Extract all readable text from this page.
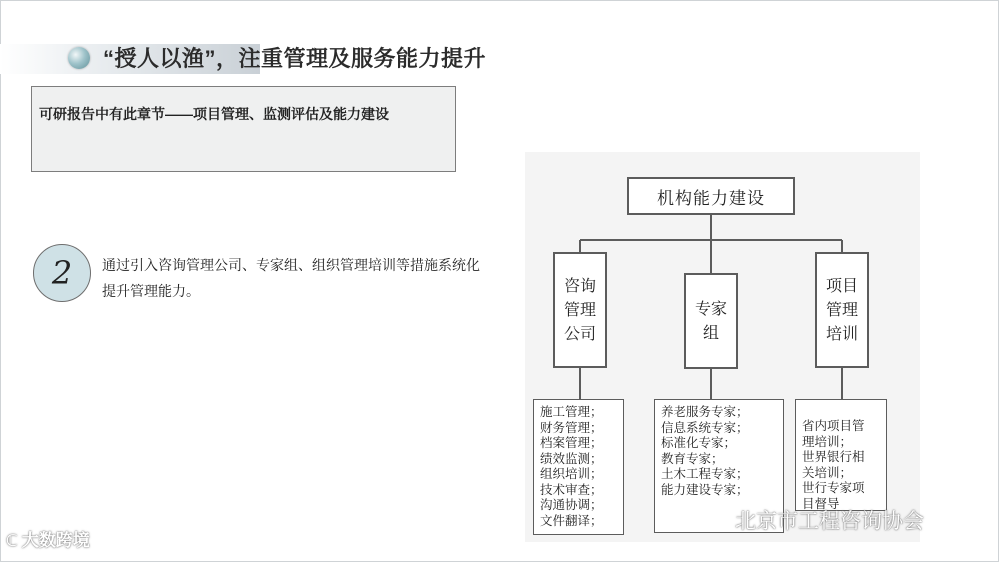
“授人以渔”，注重管理及服务能力提升
可研报告中有此章节——项目管理、监测评估及能力建设
2	通过引入咨询管理公司、专家组、组织管理培训等措施系统化提升管理能力。
机构能力建设
咨询
管理
公司
专家
组
项目
管理
培训
施工管理；
财务管理；
档案管理；
绩效监测；
组织培训；
技术审查；
沟通协调；
文件翻译；
养老服务专家；
信息系统专家；
标准化专家；
教育专家；
土木工程专家；
能力建设专家；
省内项目管
理培训；
世界银行相
关培训；
世行专家项
目督导
ℂ 大数跨境
北京市工程咨询协会
